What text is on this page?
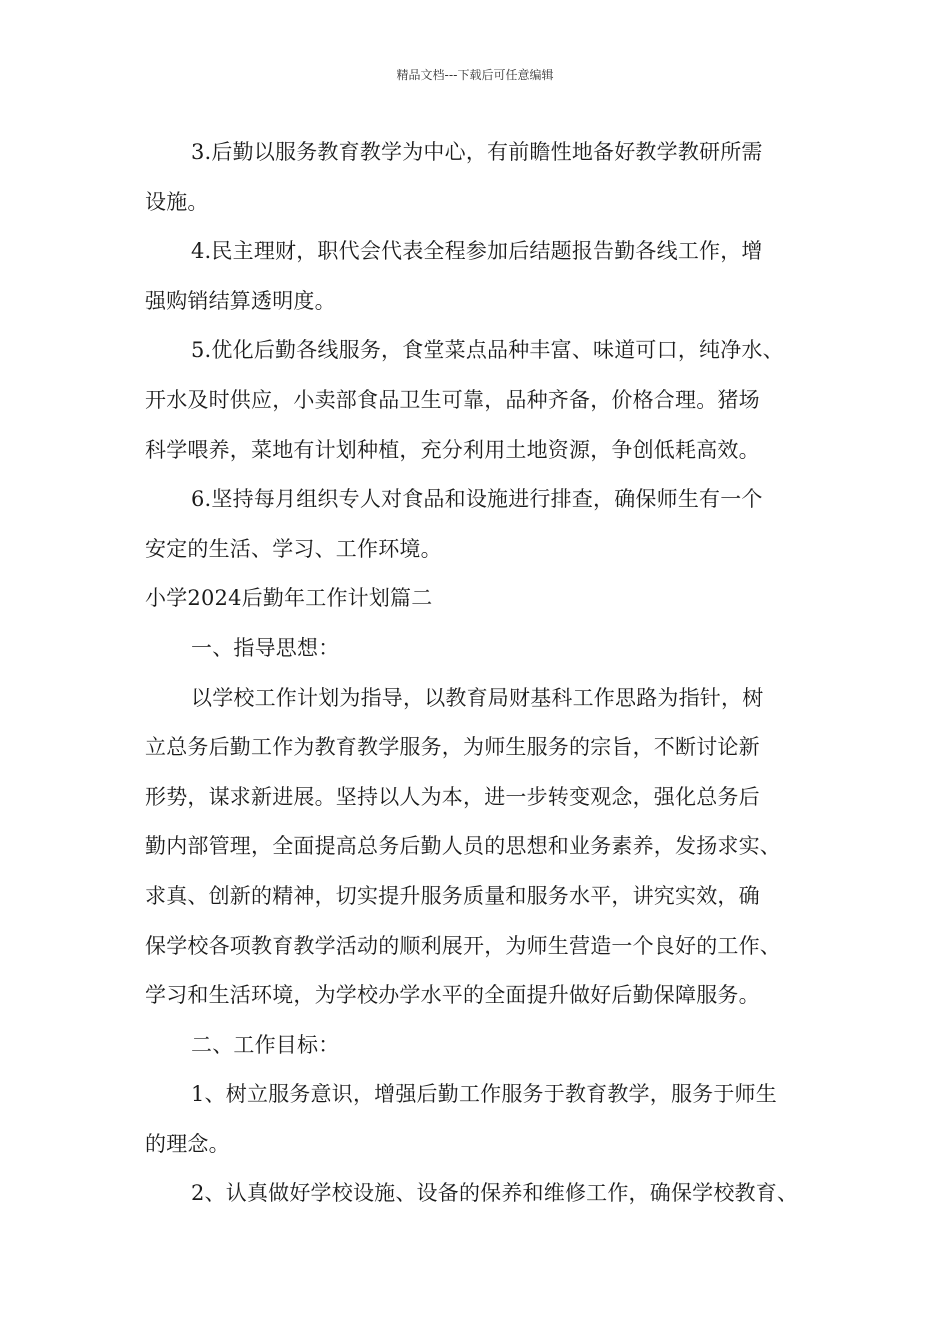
精品文档---下载后可任意编辑

3.后勤以服务教育教学为中心，有前瞻性地备好教学教研所需

设施。

4.民主理财，职代会代表全程参加后结题报告勤各线工作，增

强购销结算透明度。

5.优化后勤各线服务，食堂菜点品种丰富、味道可口，纯净水、

开水及时供应，小卖部食品卫生可靠，品种齐备，价格合理。猪场

科学喂养，菜地有计划种植，充分利用土地资源，争创低耗高效。

6.坚持每月组织专人对食品和设施进行排查，确保师生有一个

安定的生活、学习、工作环境。

小学2024后勤年工作计划篇二

一、指导思想：

以学校工作计划为指导，以教育局财基科工作思路为指针，树

立总务后勤工作为教育教学服务，为师生服务的宗旨，不断讨论新

形势，谋求新进展。坚持以人为本，进一步转变观念，强化总务后

勤内部管理，全面提高总务后勤人员的思想和业务素养，发扬求实、

求真、创新的精神，切实提升服务质量和服务水平，讲究实效，确

保学校各项教育教学活动的顺利展开，为师生营造一个良好的工作、

学习和生活环境，为学校办学水平的全面提升做好后勤保障服务。

二、工作目标：

1、树立服务意识，增强后勤工作服务于教育教学，服务于师生

的理念。

2、认真做好学校设施、设备的保养和维修工作，确保学校教育、
